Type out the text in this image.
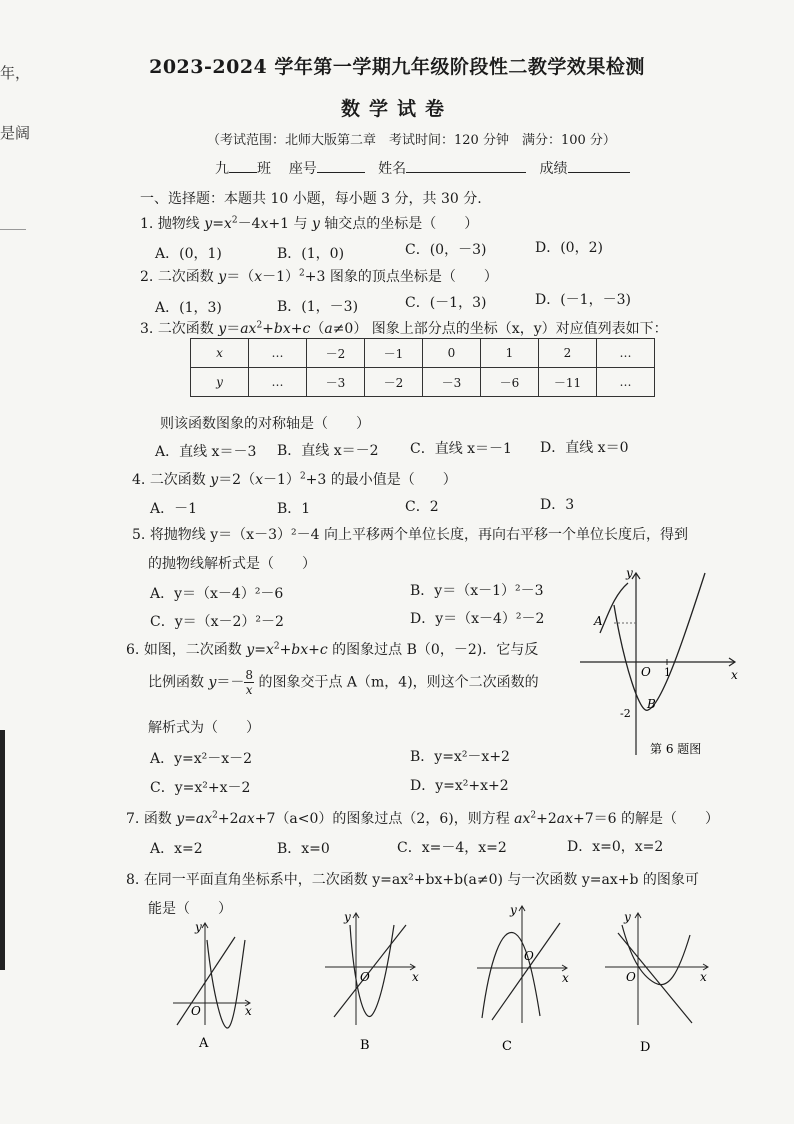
年，
是阔
2023-2024 学年第一学期九年级阶段性二教学效果检测
数学试卷
（考试范围：北师大版第二章　考试时间：120 分钟　满分：100 分）
九 班 座号	姓名	成绩
一、选择题：本题共 10 小题，每小题 3 分，共 30 分.
1. 抛物线 $y=x^2-4x+1$ 与 y 轴交点的坐标是（　　）
A．(0，1)	B．(1，0)	C．(0，－3)	D．(0，2)
2. 二次函数 $y=(x-1)^2+3$ 图象的顶点坐标是（　　）
A．(1，3)	B．(1，－3)	C．(－1，3)	D．(－1，－3)
3. 二次函数 $y=ax^2+bx+c(a\ne 0)$ 图象上部分点的坐标（x，y）对应值列表如下：
x	…	－2	－1	0	1	2	…
y	…	－3	－2	－3	－6	－11	…
则该函数图象的对称轴是（　　）
A．直线 x＝－3 B．直线 x＝－2 C．直线 x＝－1 D．直线 x＝0
4. 二次函数 $y=2(x-1)^2+3$ 的最小值是（　　）
A．－1	B．1	C．2	D．3
5. 将抛物线 y＝（x－3）²－4 向上平移两个单位长度，再向右平移一个单位长度后，得到
的抛物线解析式是（　　）
A．y＝（x－4）²－6	B．y＝（x－1）²－3
C．y＝（x－2）²－2	D．y＝（x－4）²－2
6. 如图，二次函数 $y=x^2+bx+c$ 的图象过点 B（0，－2)．它与反
比例函数 $y=- \frac{8}{x}$ 的图象交于点 A（m，4)，则这个二次函数的
解析式为（　　）
A．y=x²－x－2	B．y=x²－x+2
C．y=x²+x－2	D．y=x²+x+2
A
B
O 1
-2
x
y
第 6 题图
7. 函数 $y=ax^2+2ax+7(a<0)$的图象过点（2，6)，则方程 $ax^2+2ax+7=6$ 的解是（　　）
A．x=2	B．x=0	C．x=－4，x=2	D．x=0，x=2
8. 在同一平面直角坐标系中，二次函数 y=ax²+bx+b(a≠0) 与一次函数 y=ax+b 的图象可
能是（　　）
O	x
y
A
O	x
y
B
O
x
y
C
O	x
y
D
